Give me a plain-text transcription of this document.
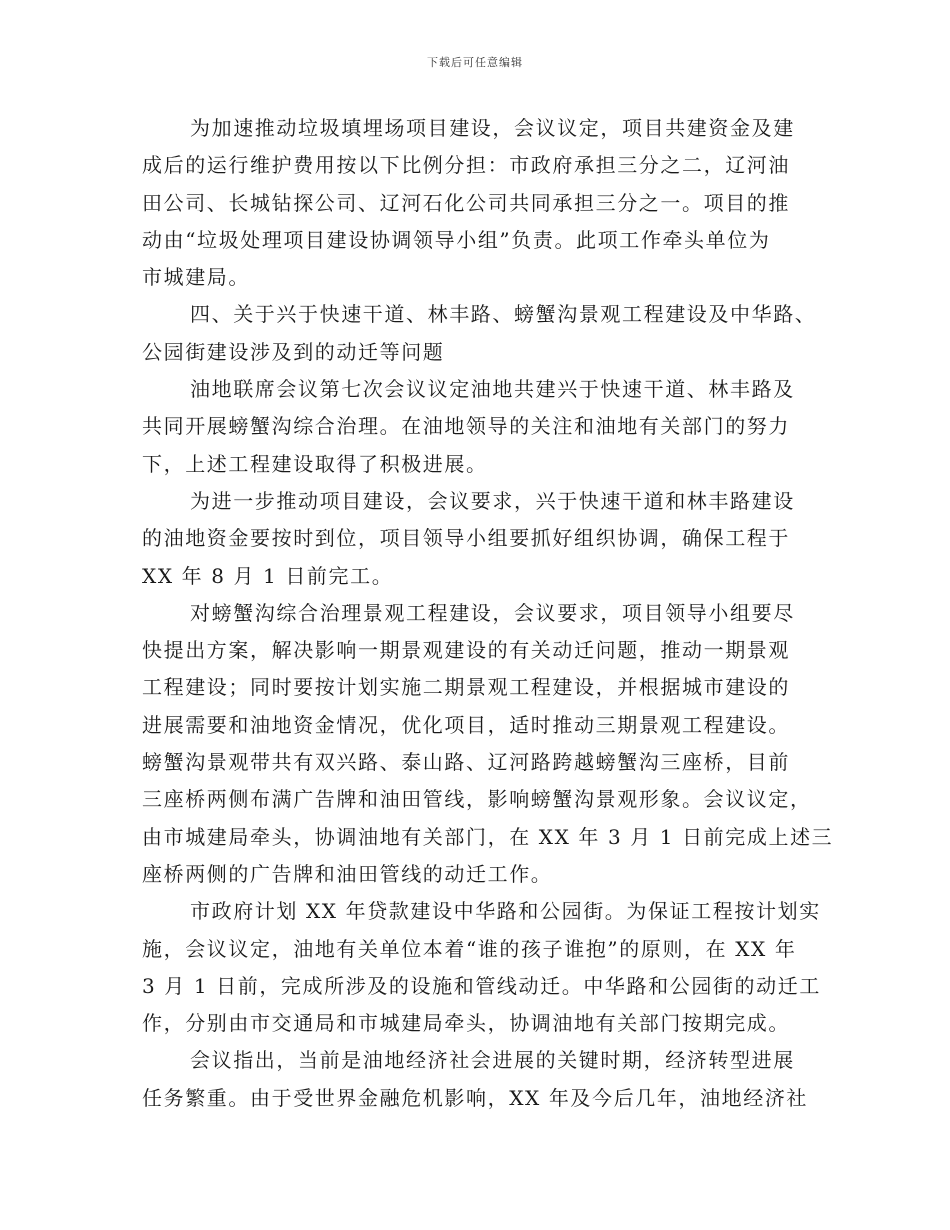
下载后可任意编辑
为加速推动垃圾填埋场项目建设，会议议定，项目共建资金及建
成后的运行维护费用按以下比例分担：市政府承担三分之二，辽河油
田公司、长城钻探公司、辽河石化公司共同承担三分之一。项目的推
动由“垃圾处理项目建设协调领导小组”负责。此项工作牵头单位为
市城建局。
四、关于兴于快速干道、林丰路、螃蟹沟景观工程建设及中华路、
公园街建设涉及到的动迁等问题
油地联席会议第七次会议议定油地共建兴于快速干道、林丰路及
共同开展螃蟹沟综合治理。在油地领导的关注和油地有关部门的努力
下，上述工程建设取得了积极进展。
为进一步推动项目建设，会议要求，兴于快速干道和林丰路建设
的油地资金要按时到位，项目领导小组要抓好组织协调，确保工程于
XX 年 8 月 1 日前完工。
对螃蟹沟综合治理景观工程建设，会议要求，项目领导小组要尽
快提出方案，解决影响一期景观建设的有关动迁问题，推动一期景观
工程建设；同时要按计划实施二期景观工程建设，并根据城市建设的
进展需要和油地资金情况，优化项目，适时推动三期景观工程建设。
螃蟹沟景观带共有双兴路、泰山路、辽河路跨越螃蟹沟三座桥，目前
三座桥两侧布满广告牌和油田管线，影响螃蟹沟景观形象。会议议定，
由市城建局牵头，协调油地有关部门，在 XX 年 3 月 1 日前完成上述三
座桥两侧的广告牌和油田管线的动迁工作。
市政府计划 XX 年贷款建设中华路和公园街。为保证工程按计划实
施，会议议定，油地有关单位本着“谁的孩子谁抱”的原则，在 XX 年
3 月 1 日前，完成所涉及的设施和管线动迁。中华路和公园街的动迁工
作，分别由市交通局和市城建局牵头，协调油地有关部门按期完成。
会议指出，当前是油地经济社会进展的关键时期，经济转型进展
任务繁重。由于受世界金融危机影响，XX 年及今后几年，油地经济社
